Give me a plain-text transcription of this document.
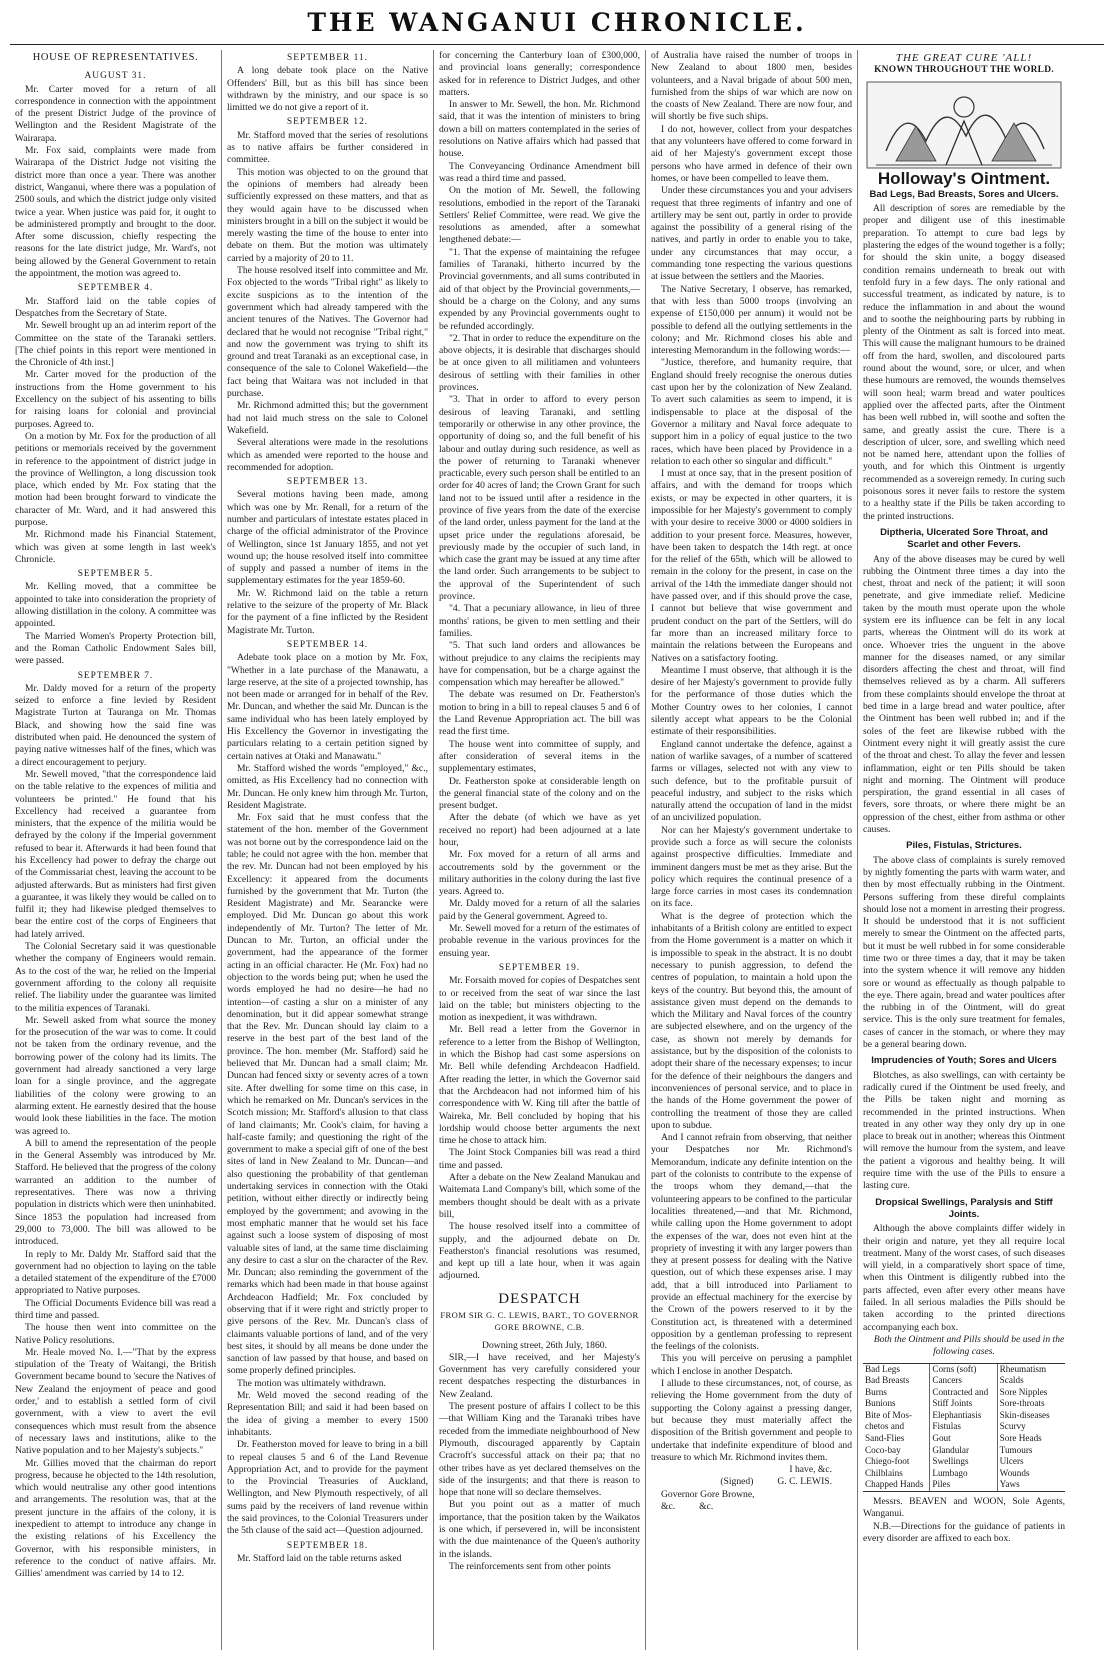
THE WANGANUI CHRONICLE.
HOUSE OF REPRESENTATIVES.
AUGUST 31.

Mr. Carter moved for a return of all correspondence in connection with the appointment of the present District Judge of the province of Wellington and the Resident Magistrate of the Wairarapa.

Mr. Fox said, complaints were made from Wairarapa of the District Judge not visiting the district more than once a year. There was another district, Wanganui, where there was a population of 2500 souls, and which the district judge only visited twice a year. When justice was paid for, it ought to be administered promptly and brought to the door. After some discussion, chiefly respecting the reasons for the late district judge, Mr. Ward's, not being allowed by the General Government to retain the appointment, the motion was agreed to.

SEPTEMBER 4.

Mr. Stafford laid on the table copies of Despatches from the Secretary of State.

Mr. Sewell brought up an ad interim report of the Committee on the state of the Taranaki settlers. [The chief points in this report were mentioned in the Chronicle of 4th inst.]

Mr. Carter moved for the production of the instructions from the Home government to his Excellency on the subject of his assenting to bills for raising loans for colonial and provincial purposes. Agreed to.

On a motion by Mr. Fox for the production of all petitions or memorials received by the government in reference to the appointment of district judge in the province of Wellington, a long discussion took place, which ended by Mr. Fox stating that the motion had been brought forward to vindicate the character of Mr. Ward, and it had answered this purpose.

Mr. Richmond made his Financial Statement, which was given at some length in last week's Chronicle.

SEPTEMBER 5.

Mr. Kelling moved, that a committee be appointed to take into consideration the propriety of allowing distillation in the colony. A committee was appointed.

The Married Women's Property Protection bill, and the Roman Catholic Endowment Sales bill, were passed.

SEPTEMBER 7.

Mr. Daldy moved for a return of the property seized to enforce a fine levied by Resident Magistrate Turton at Tauranga on Mr. Thomas Black, and showing how the said fine was distributed when paid. He denounced the system of paying native witnesses half of the fines, which was a direct encouragement to perjury.

Mr. Sewell moved, "that the correspondence laid on the table relative to the expences of militia and volunteers be printed." He found that his Excellency had received a guarantee from ministers, that the expence of the militia would be defrayed by the colony if the Imperial government refused to bear it. Afterwards it had been found that his Excellency had power to defray the charge out of the Commissariat chest, leaving the account to be adjusted afterwards. But as ministers had first given a guarantee, it was likely they would be called on to fulfil it; they had likewise pledged themselves to bear the entire cost of the corps of Engineers that had lately arrived.

The Colonial Secretary said it was questionable whether the company of Engineers would remain. As to the cost of the war, he relied on the Imperial government affording to the colony all requisite relief. The liability under the guarantee was limited to the militia expences of Taranaki.

Mr. Sewell asked from what source the money for the prosecution of the war was to come. It could not be taken from the ordinary revenue, and the borrowing power of the colony had its limits. The government had already sanctioned a very large loan for a single province, and the aggregate liabilities of the colony were growing to an alarming extent. He earnestly desired that the house would look these liabilities in the face. The motion was agreed to.

A bill to amend the representation of the people in the General Assembly was introduced by Mr. Stafford. He believed that the progress of the colony warranted an addition to the number of representatives. There was now a thriving population in districts which were then uninhabited. Since 1853 the population had increased from 29,000 to 73,000. The bill was allowed to be introduced.

In reply to Mr. Daldy Mr. Stafford said that the government had no objection to laying on the table a detailed statement of the expenditure of the £7000 appropriated to Native purposes.

The Official Documents Evidence bill was read a third time and passed.

The house then went into committee on the Native Policy resolutions.

Mr. Heale moved No. I.—"That by the express stipulation of the Treaty of Waitangi, the British Government became bound to 'secure the Natives of New Zealand the enjoyment of peace and good order,' and to establish a settled form of civil government, with a view to avert the evil consequences which must result from the absence of necessary laws and institutions, alike to the Native population and to her Majesty's subjects."

Mr. Gillies moved that the chairman do report progress, because he objected to the 14th resolution, which would neutralise any other good intentions and arrangements. The resolution was, that at the present juncture in the affairs of the colony, it is inexpedient to attempt to introduce any change in the existing relations of his Excellency the Governor, with his responsible ministers, in reference to the conduct of native affairs. Mr. Gillies' amendment was carried by 14 to 12.

SEPTEMBER 11.

A long debate took place on the Native Offenders' Bill, but as this bill has since been withdrawn by the ministry, and our space is so limitted we do not give a report of it.

SEPTEMBER 12.

Mr. Stafford moved that the series of resolutions as to native affairs be further considered in committee.

This motion was objected to on the ground that the opinions of members had already been sufficiently expressed on these matters, and that as they would again have to be discussed when ministers brought in a bill on the subject it would be merely wasting the time of the house to enter into debate on them. But the motion was ultimately carried by a majority of 20 to 11.

The house resolved itself into committee and Mr. Fox objected to the words "Tribal right" as likely to excite suspicions as to the intention of the government which had already tampered with the ancient tenures of the Natives. The Governor had declared that he would not recognise "Tribal right," and now the government was trying to shift its ground and treat Taranaki as an exceptional case, in consequence of the sale to Colonel Wakefield—the fact being that Waitara was not included in that purchase.

Mr. Richmond admitted this; but the government had not laid much stress on the sale to Colonel Wakefield.

Several alterations were made in the resolutions which as amended were reported to the house and recommended for adoption.

SEPTEMBER 13.

Several motions having been made, among which was one by Mr. Renall, for a return of the number and particulars of intestate estates placed in charge of the official administrator of the Province of Wellington, since 1st January 1855, and not yet wound up; the house resolved itself into committee of supply and passed a number of items in the supplementary estimates for the year 1859-60.

Mr. W. Richmond laid on the table a return relative to the seizure of the property of Mr. Black for the payment of a fine inflicted by the Resident Magistrate Mr. Turton.

SEPTEMBER 14.

Adebate took place on a motion by Mr. Fox, "Whether in a late purchase of the Manawatu, a large reserve, at the site of a projected township, has not been made or arranged for in behalf of the Rev. Mr. Duncan, and whether the said Mr. Duncan is the same individual who has been lately employed by His Excellency the Governor in investigating the particulars relating to a certain petition signed by certain natives at Otaki and Manawatu."

Mr. Stafford wished the words "employed," &c., omitted, as His Excellency had no connection with Mr. Duncan. He only knew him through Mr. Turton, Resident Magistrate.

Mr. Fox said that he must confess that the statement of the hon. member of the Government was not borne out by the correspondence laid on the table; he could not agree with the hon. member that the rev. Mr. Duncan had not been employed by his Excellency: it appeared from the documents furnished by the government that Mr. Turton (the Resident Magistrate) and Mr. Searancke were employed. Did Mr. Duncan go about this work independently of Mr. Turton? The letter of Mr. Duncan to Mr. Turton, an official under the government, had the appearance of the former acting in an official character. He (Mr. Fox) had no objection to the words being put; when he used the words employed he had no desire—he had no intention—of casting a slur on a minister of any denomination, but it did appear somewhat strange that the Rev. Mr. Duncan should lay claim to a reserve in the best part of the best land of the province. The hon. member (Mr. Stafford) said he believed that Mr. Duncan had a small claim; Mr. Duncan had fenced sixty or seventy acres of a town site. After dwelling for some time on this case, in which he remarked on Mr. Duncan's services in the Scotch mission; Mr. Stafford's allusion to that class of land claimants; Mr. Cook's claim, for having a half-caste family; and questioning the right of the government to make a special gift of one of the best sites of land in New Zealand to Mr. Duncan—and also questioning the probability of that gentleman undertaking services in connection with the Otaki petition, without either directly or indirectly being employed by the government; and avowing in the most emphatic manner that he would set his face against such a loose system of disposing of most valuable sites of land, at the same time disclaiming any desire to cast a slur on the character of the Rev. Mr. Duncan; also reminding the government of the remarks which had been made in that house against Archdeacon Hadfield; Mr. Fox concluded by observing that if it were right and strictly proper to give persons of the Rev. Mr. Duncan's class of claimants valuable portions of land, and of the very best sites, it should by all means be done under the sanction of law passed by that house, and based on some properly defined principles.

The motion was ultimately withdrawn.

Mr. Weld moved the second reading of the Representation Bill; and said it had been based on the idea of giving a member to every 1500 inhabitants.

Dr. Featherston moved for leave to bring in a bill to repeal clauses 5 and 6 of the Land Revenue Appropriation Act, and to provide for the payment to the Provincial Treasuries of Auckland, Wellington, and New Plymouth respectively, of all sums paid by the receivers of land revenue within the said provinces, to the Colonial Treasurers under the 5th clause of the said act—Question adjourned.

SEPTEMBER 18.

Mr. Stafford laid on the table returns asked

for concerning the Canterbury loan of £300,000, and provincial loans generally; correspondence asked for in reference to District Judges, and other matters.

In answer to Mr. Sewell, the hon. Mr. Richmond said, that it was the intention of ministers to bring down a bill on matters contemplated in the series of resolutions on Native affairs which had passed that house.

The Conveyancing Ordinance Amendment bill was read a third time and passed.

On the motion of Mr. Sewell, the following resolutions, embodied in the report of the Taranaki Settlers' Relief Committee, were read. We give the resolutions as amended, after a somewhat lengthened debate:—

"1. That the expense of maintaining the refugee families of Taranaki, hitherto incurred by the Provincial governments, and all sums contributed in aid of that object by the Provincial governments,—should be a charge on the Colony, and any sums expended by any Provincial governments ought to be refunded accordingly.

"2. That in order to reduce the expenditure on the above objects, it is desirable that discharges should be at once given to all militiamen and volunteers desirous of settling with their families in other provinces.

"3. That in order to afford to every person desirous of leaving Taranaki, and settling temporarily or otherwise in any other province, the opportunity of doing so, and the full benefit of his labour and outlay during such residence, as well as the power of returning to Taranaki whenever practicable, every such person shall be entitled to an order for 40 acres of land; the Crown Grant for such land not to be issued until after a residence in the province of five years from the date of the exercise of the land order, unless payment for the land at the upset price under the regulations aforesaid, be previously made by the occupier of such land, in which case the grant may be issued at any time after the land order. Such arrangements to be subject to the approval of the Superintendent of such province.

"4. That a pecuniary allowance, in lieu of three months' rations, be given to men settling and their families.

"5. That such land orders and allowances be without prejudice to any claims the recipients may have for compensation, but be a charge against the compensation which may hereafter be allowed."

The debate was resumed on Dr. Featherston's motion to bring in a bill to repeal clauses 5 and 6 of the Land Revenue Appropriation act. The bill was read the first time.

The house went into committee of supply, and after consideration of several items in the supplementary estimates,

Dr. Featherston spoke at considerable length on the general financial state of the colony and on the present budget.

After the debate (of which we have as yet received no report) had been adjourned at a late hour,

Mr. Fox moved for a return of all arms and accoutrements sold by the government or the military authorities in the colony during the last five years. Agreed to.

Mr. Daldy moved for a return of all the salaries paid by the General government. Agreed to.

Mr. Sewell moved for a return of the estimates of probable revenue in the various provinces for the ensuing year.

SEPTEMBER 19.

Mr. Forsaith moved for copies of Despatches sent to or received from the seat of war since the last laid on the table; but ministers objecting to the motion as inexpedient, it was withdrawn.

Mr. Bell read a letter from the Governor in reference to a letter from the Bishop of Wellington, in which the Bishop had cast some aspersions on Mr. Bell while defending Archdeacon Hadfield. After reading the letter, in which the Governor said that the Archdeacon had not informed him of his correspondence with W. King till after the battle of Waireka, Mr. Bell concluded by hoping that his lordship would choose better arguments the next time he chose to attack him.

The Joint Stock Companies bill was read a third time and passed.

After a debate on the New Zealand Manukau and Waitemata Land Company's bill, which some of the members thought should be dealt with as a private bill,

The house resolved itself into a committee of supply, and the adjourned debate on Dr. Featherston's financial resolutions was resumed, and kept up till a late hour, when it was again adjourned.

DESPATCH
FROM SIR G. C. LEWIS, BART., TO GOVERNOR GORE BROWNE, C.B.

Downing street, 26th July, 1860.

SIR,—I have received, and her Majesty's Government has very carefully considered your recent despatches respecting the disturbances in New Zealand.

The present posture of affairs I collect to be this—that William King and the Taranaki tribes have receded from the immediate neighbourhood of New Plymouth, discouraged apparently by Captain Cracroft's successful attack on their pa; that no other tribes have as yet declared themselves on the side of the insurgents; and that there is reason to hope that none will so declare themselves.

But you point out as a matter of much importance, that the position taken by the Waikatos is one which, if persevered in, will be inconsistent with the due maintenance of the Queen's authority in the islands.

The reinforcements sent from other points

of Australia have raised the number of troops in New Zealand to about 1800 men, besides volunteers, and a Naval brigade of about 500 men, furnished from the ships of war which are now on the coasts of New Zealand. There are now four, and will shortly be five such ships.

I do not, however, collect from your despatches that any volunteers have offered to come forward in aid of her Majesty's government except those persons who have armed in defence of their own homes, or have been compelled to leave them.

Under these circumstances you and your advisers request that three regiments of infantry and one of artillery may be sent out, partly in order to provide against the possibility of a general rising of the natives, and partly in order to enable you to take, under any circumstances that may occur, a commanding tone respecting the various questions at issue between the settlers and the Maories.

The Native Secretary, I observe, has remarked, that with less than 5000 troops (involving an expense of £150,000 per annum) it would not be possible to defend all the outlying settlements in the colony; and Mr. Richmond closes his able and interesting Memorandum in the following words:—

"Justice, therefore, and humanity require, that England should freely recognise the onerous duties cast upon her by the colonization of New Zealand. To avert such calamities as seem to impend, it is indispensable to place at the disposal of the Governor a military and Naval force adequate to support him in a policy of equal justice to the two races, which have been placed by Providence in a relation to each other so singular and difficult."

I must at once say, that in the present position of affairs, and with the demand for troops which exists, or may be expected in other quarters, it is impossible for her Majesty's government to comply with your desire to receive 3000 or 4000 soldiers in addition to your present force. Measures, however, have been taken to despatch the 14th regt. at once for the relief of the 65th, which will be allowed to remain in the colony for the present, in case on the arrival of the 14th the immediate danger should not have passed over, and if this should prove the case, I cannot but believe that wise government and prudent conduct on the part of the Settlers, will do far more than an increased military force to maintain the relations between the Europeans and Natives on a satisfactory footing.

Meantime I must observe, that although it is the desire of her Majesty's government to provide fully for the performance of those duties which the Mother Country owes to her colonies, I cannot silently accept what appears to be the Colonial estimate of their responsibilities.

England cannot undertake the defence, against a nation of warlike savages, of a number of scattered farms or villages, selected not with any view to such defence, but to the profitable pursuit of peaceful industry, and subject to the risks which naturally attend the occupation of land in the midst of an uncivilized population.

Nor can her Majesty's government undertake to provide such a force as will secure the colonists against prospective difficulties. Immediate and imminent dangers must be met as they arise. But the policy which requires the continual presence of a large force carries in most cases its condemnation on its face.

What is the degree of protection which the inhabitants of a British colony are entitled to expect from the Home government is a matter on which it is impossible to speak in the abstract. It is no doubt necessary to punish aggression, to defend the centres of population, to maintain a hold upon the keys of the country. But beyond this, the amount of assistance given must depend on the demands to which the Military and Naval forces of the country are subjected elsewhere, and on the urgency of the case, as shown not merely by demands for assistance, but by the disposition of the colonists to adopt their share of the necessary expenses; to incur for the defence of their neighbours the dangers and inconveniences of personal service, and to place in the hands of the Home government the power of controlling the treatment of those they are called upon to subdue.

And I cannot refrain from observing, that neither your Despatches nor Mr. Richmond's Memorandum, indicate any definite intention on the part of the colonists to contribute to the expense of the troops whom they demand,—that the volunteering appears to be confined to the particular localities threatened,—and that Mr. Richmond, while calling upon the Home government to adopt the expenses of the war, does not even hint at the propriety of investing it with any larger powers than they at present possess for dealing with the Native question, out of which these expenses arise. I may add, that a bill introduced into Parliament to provide an effectual machinery for the exercise by the Crown of the powers reserved to it by the Constitution act, is threatened with a determined opposition by a gentleman professing to represent the feelings of the colonists.

This you will perceive on perusing a pamphlet which I enclose in another Despatch.

I allude to these circumstances, not, of course, as relieving the Home government from the duty of supporting the Colony against a pressing danger, but because they must materially affect the disposition of the British government and people to undertake that indefinite expenditure of blood and treasure to which Mr. Richmond invites them.

I have, &c.

(Signed)          G. C. LEWIS.

Governor Gore Browne,

&c.          &c.

THE GREAT CURE 'ALL!
KNOWN THROUGHOUT THE WORLD.
Holloway's Ointment.
Bad Legs, Bad Breasts, Sores and Ulcers.

All description of sores are remediable by the proper and diligent use of this inestimable preparation. To attempt to cure bad legs by plastering the edges of the wound together is a folly; for should the skin unite, a boggy diseased condition remains underneath to break out with tenfold fury in a few days. The only rational and successful treatment, as indicated by nature, is to reduce the inflammation in and about the wound and to soothe the neighbouring parts by rubbing in plenty of the Ointment as salt is forced into meat. This will cause the malignant humours to be drained off from the hard, swollen, and discoloured parts round about the wound, sore, or ulcer, and when these humours are removed, the wounds themselves will soon heal; warm bread and water poultices applied over the affected parts, after the Ointment has been well rubbed in, will soothe and soften the same, and greatly assist the cure. There is a description of ulcer, sore, and swelling which need not be named here, attendant upon the follies of youth, and for which this Ointment is urgently recommended as a sovereign remedy. In curing such poisonous sores it never fails to restore the system to a healthy state if the Pills be taken according to the printed instructions.

Diptheria, Ulcerated Sore Throat, and Scarlet and other Fevers.

Any of the above diseases may be cured by well rubbing the Ointment three times a day into the chest, throat and neck of the patient; it will soon penetrate, and give immediate relief. Medicine taken by the mouth must operate upon the whole system ere its influence can be felt in any local parts, whereas the Ointment will do its work at once. Whoever tries the unguent in the above manner for the diseases named, or any similar disorders affecting the chest and throat, will find themselves relieved as by a charm. All sufferers from these complaints should envelope the throat at bed time in a large bread and water poultice, after the Ointment has been well rubbed in; and if the soles of the feet are likewise rubbed with the Ointment every night it will greatly assist the cure of the throat and chest. To allay the fever and lessen inflammation, eight or ten Pills should be taken night and morning. The Ointment will produce perspiration, the grand essential in all cases of fevers, sore throats, or where there might be an oppression of the chest, either from asthma or other causes.

Piles, Fistulas, Strictures.

The above class of complaints is surely removed by nightly fomenting the parts with warm water, and then by most effectually rubbing in the Ointment. Persons suffering from these direful complaints should lose not a moment in arresting their progress. It should be understood that it is not sufficient merely to smear the Ointment on the affected parts, but it must be well rubbed in for some considerable time two or three times a day, that it may be taken into the system whence it will remove any hidden sore or wound as effectually as though palpable to the eye. There again, bread and water poultices after the rubbing in of the Ointment, will do great service. This is the only sure treatment for females, cases of cancer in the stomach, or where they may be a general bearing down.

Imprudencies of Youth; Sores and Ulcers

Blotches, as also swellings, can with certainty be radically cured if the Ointment be used freely, and the Pills be taken night and morning as recommended in the printed instructions. When treated in any other way they only dry up in one place to break out in another; whereas this Ointment will remove the humour from the system, and leave the patient a vigorous and healthy being. It will require time with the use of the Pills to ensure a lasting cure.

Dropsical Swellings, Paralysis and Stiff Joints.

Although the above complaints differ widely in their origin and nature, yet they all require local treatment. Many of the worst cases, of such diseases will yield, in a comparatively short space of time, when this Ointment is diligently rubbed into the parts affected, even after every other means have failed. In all serious maladies the Pills should be taken according to the printed directions accompanying each box.

Both the Ointment and Pills should be used in the following cases.

Bad Legs
Bad Breasts
Burns
Bunions
Bite of Mos-
chetos and
Sand-Flies
Coco-bay
Chiego-foot
Chilblains
Chapped Hands
Corns (soft)
Cancers
Contracted and
Stiff Joints
Elephantiasis
Fistulas
Gout
Glandular
Swellings
Lumbago
Piles
Rheumatism
Scalds
Sore Nipples
Sore-throats
Skin-diseases
Scurvy
Sore Heads
Tumours
Ulcers
Wounds
Yaws

Messrs. BEAVEN and WOON, Sole Agents, Wanganui.

N.B.—Directions for the guidance of patients in every disorder are affixed to each box.
